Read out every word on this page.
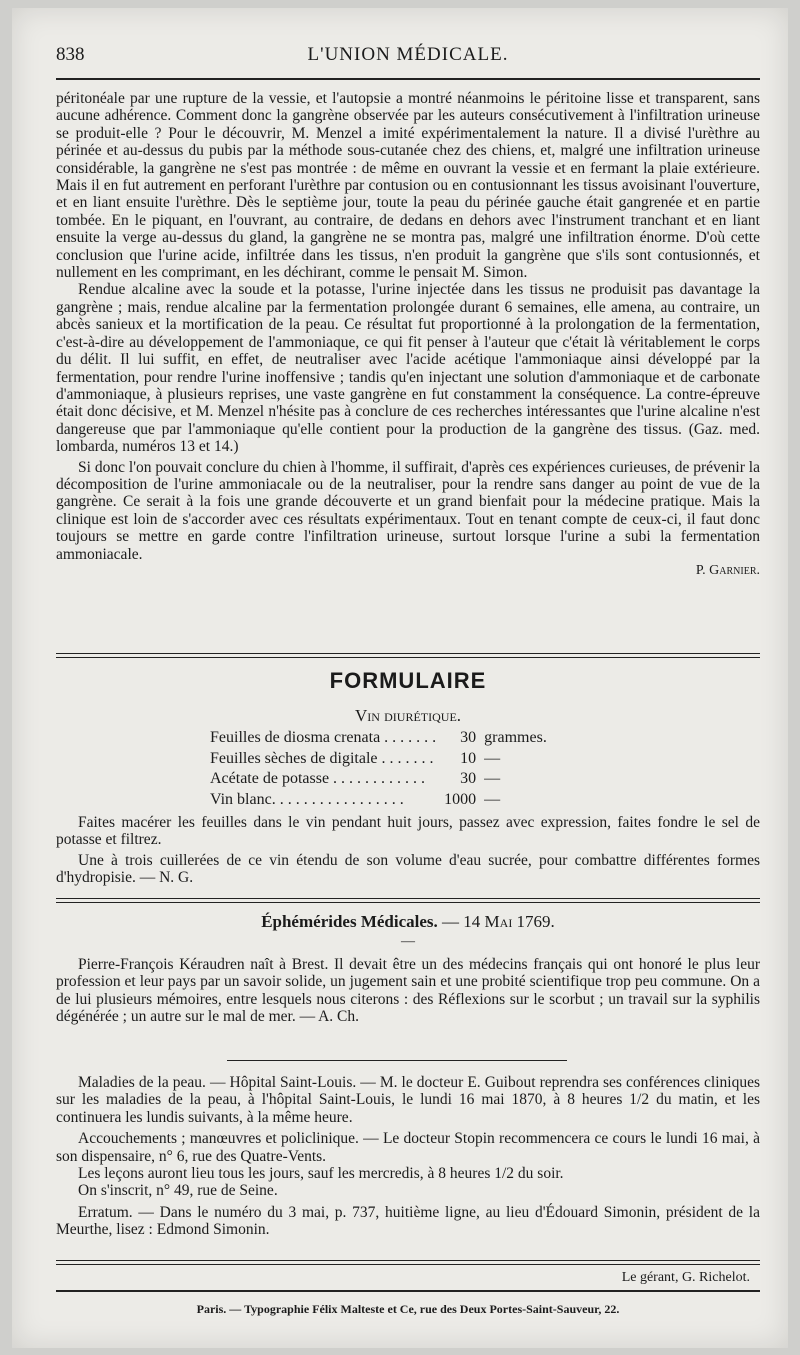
838	L'UNION MÉDICALE.

péritonéale par une rupture de la vessie, et l'autopsie a montré néanmoins le péritoine lisse et transparent, sans aucune adhérence. Comment donc la gangrène observée par les auteurs consécutivement à l'infiltration urineuse se produit-elle ? Pour le découvrir, M. Menzel a imité expérimentalement la nature. Il a divisé l'urèthre au périnée et au-dessus du pubis par la méthode sous-cutanée chez des chiens, et, malgré une infiltration urineuse considérable, la gangrène ne s'est pas montrée : de même en ouvrant la vessie et en fermant la plaie extérieure. Mais il en fut autrement en perforant l'urèthre par contusion ou en contusionnant les tissus avoisinant l'ouverture, et en liant ensuite l'urèthre. Dès le septième jour, toute la peau du périnée gauche était gangrenée et en partie tombée. En le piquant, en l'ouvrant, au contraire, de dedans en dehors avec l'instrument tranchant et en liant ensuite la verge au-dessus du gland, la gangrène ne se montra pas, malgré une infiltration énorme. D'où cette conclusion que l'urine acide, infiltrée dans les tissus, n'en produit la gangrène que s'ils sont contusionnés, et nullement en les comprimant, en les déchirant, comme le pensait M. Simon.

Rendue alcaline avec la soude et la potasse, l'urine injectée dans les tissus ne produisit pas davantage la gangrène ; mais, rendue alcaline par la fermentation prolongée durant 6 semaines, elle amena, au contraire, un abcès sanieux et la mortification de la peau. Ce résultat fut proportionné à la prolongation de la fermentation, c'est-à-dire au développement de l'ammoniaque, ce qui fit penser à l'auteur que c'était là véritablement le corps du délit. Il lui suffit, en effet, de neutraliser avec l'acide acétique l'ammoniaque ainsi développé par la fermentation, pour rendre l'urine inoffensive ; tandis qu'en injectant une solution d'ammoniaque et de carbonate d'ammoniaque, à plusieurs reprises, une vaste gangrène en fut constamment la conséquence. La contre-épreuve était donc décisive, et M. Menzel n'hésite pas à conclure de ces recherches intéressantes que l'urine alcaline n'est dangereuse que par l'ammoniaque qu'elle contient pour la production de la gangrène des tissus. (Gaz. med. lombarda, numéros 13 et 14.)

Si donc l'on pouvait conclure du chien à l'homme, il suffirait, d'après ces expériences curieuses, de prévenir la décomposition de l'urine ammoniacale ou de la neutraliser, pour la rendre sans danger au point de vue de la gangrène. Ce serait à la fois une grande découverte et un grand bienfait pour la médecine pratique. Mais la clinique est loin de s'accorder avec ces résultats expérimentaux. Tout en tenant compte de ceux-ci, il faut donc toujours se mettre en garde contre l'infiltration urineuse, surtout lorsque l'urine a subi la fermentation ammoniacale.

P. Garnier.
FORMULAIRE
Vin diurétique.
Feuilles de diosma crenata . . . . . . .	30	grammes.
Feuilles sèches de digitale . . . . . . .	10	—
Acétate de potasse . . . . . . . . . . . .	30	—
Vin blanc. . . . . . . . . . . . . . . . .	1000	—

Faites macérer les feuilles dans le vin pendant huit jours, passez avec expression, faites fondre le sel de potasse et filtrez.

Une à trois cuillerées de ce vin étendu de son volume d'eau sucrée, pour combattre différentes formes d'hydropisie. — N. G.

Éphémérides Médicales. — 14 Mai 1769.
—

Pierre-François Kéraudren naît à Brest. Il devait être un des médecins français qui ont honoré le plus leur profession et leur pays par un savoir solide, un jugement sain et une probité scientifique trop peu commune. On a de lui plusieurs mémoires, entre lesquels nous citerons : des Réflexions sur le scorbut ; un travail sur la syphilis dégénérée ; un autre sur le mal de mer. — A. Ch.

Maladies de la peau. — Hôpital Saint-Louis. — M. le docteur E. Guibout reprendra ses conférences cliniques sur les maladies de la peau, à l'hôpital Saint-Louis, le lundi 16 mai 1870, à 8 heures 1/2 du matin, et les continuera les lundis suivants, à la même heure.

Accouchements ; manœuvres et policlinique. — Le docteur Stopin recommencera ce cours le lundi 16 mai, à son dispensaire, n° 6, rue des Quatre-Vents.

Les leçons auront lieu tous les jours, sauf les mercredis, à 8 heures 1/2 du soir.

On s'inscrit, n° 49, rue de Seine.

Erratum. — Dans le numéro du 3 mai, p. 737, huitième ligne, au lieu d'Édouard Simonin, président de la Meurthe, lisez : Edmond Simonin.

Le gérant, G. Richelot.
Paris. — Typographie Félix Malteste et Ce, rue des Deux Portes-Saint-Sauveur, 22.
